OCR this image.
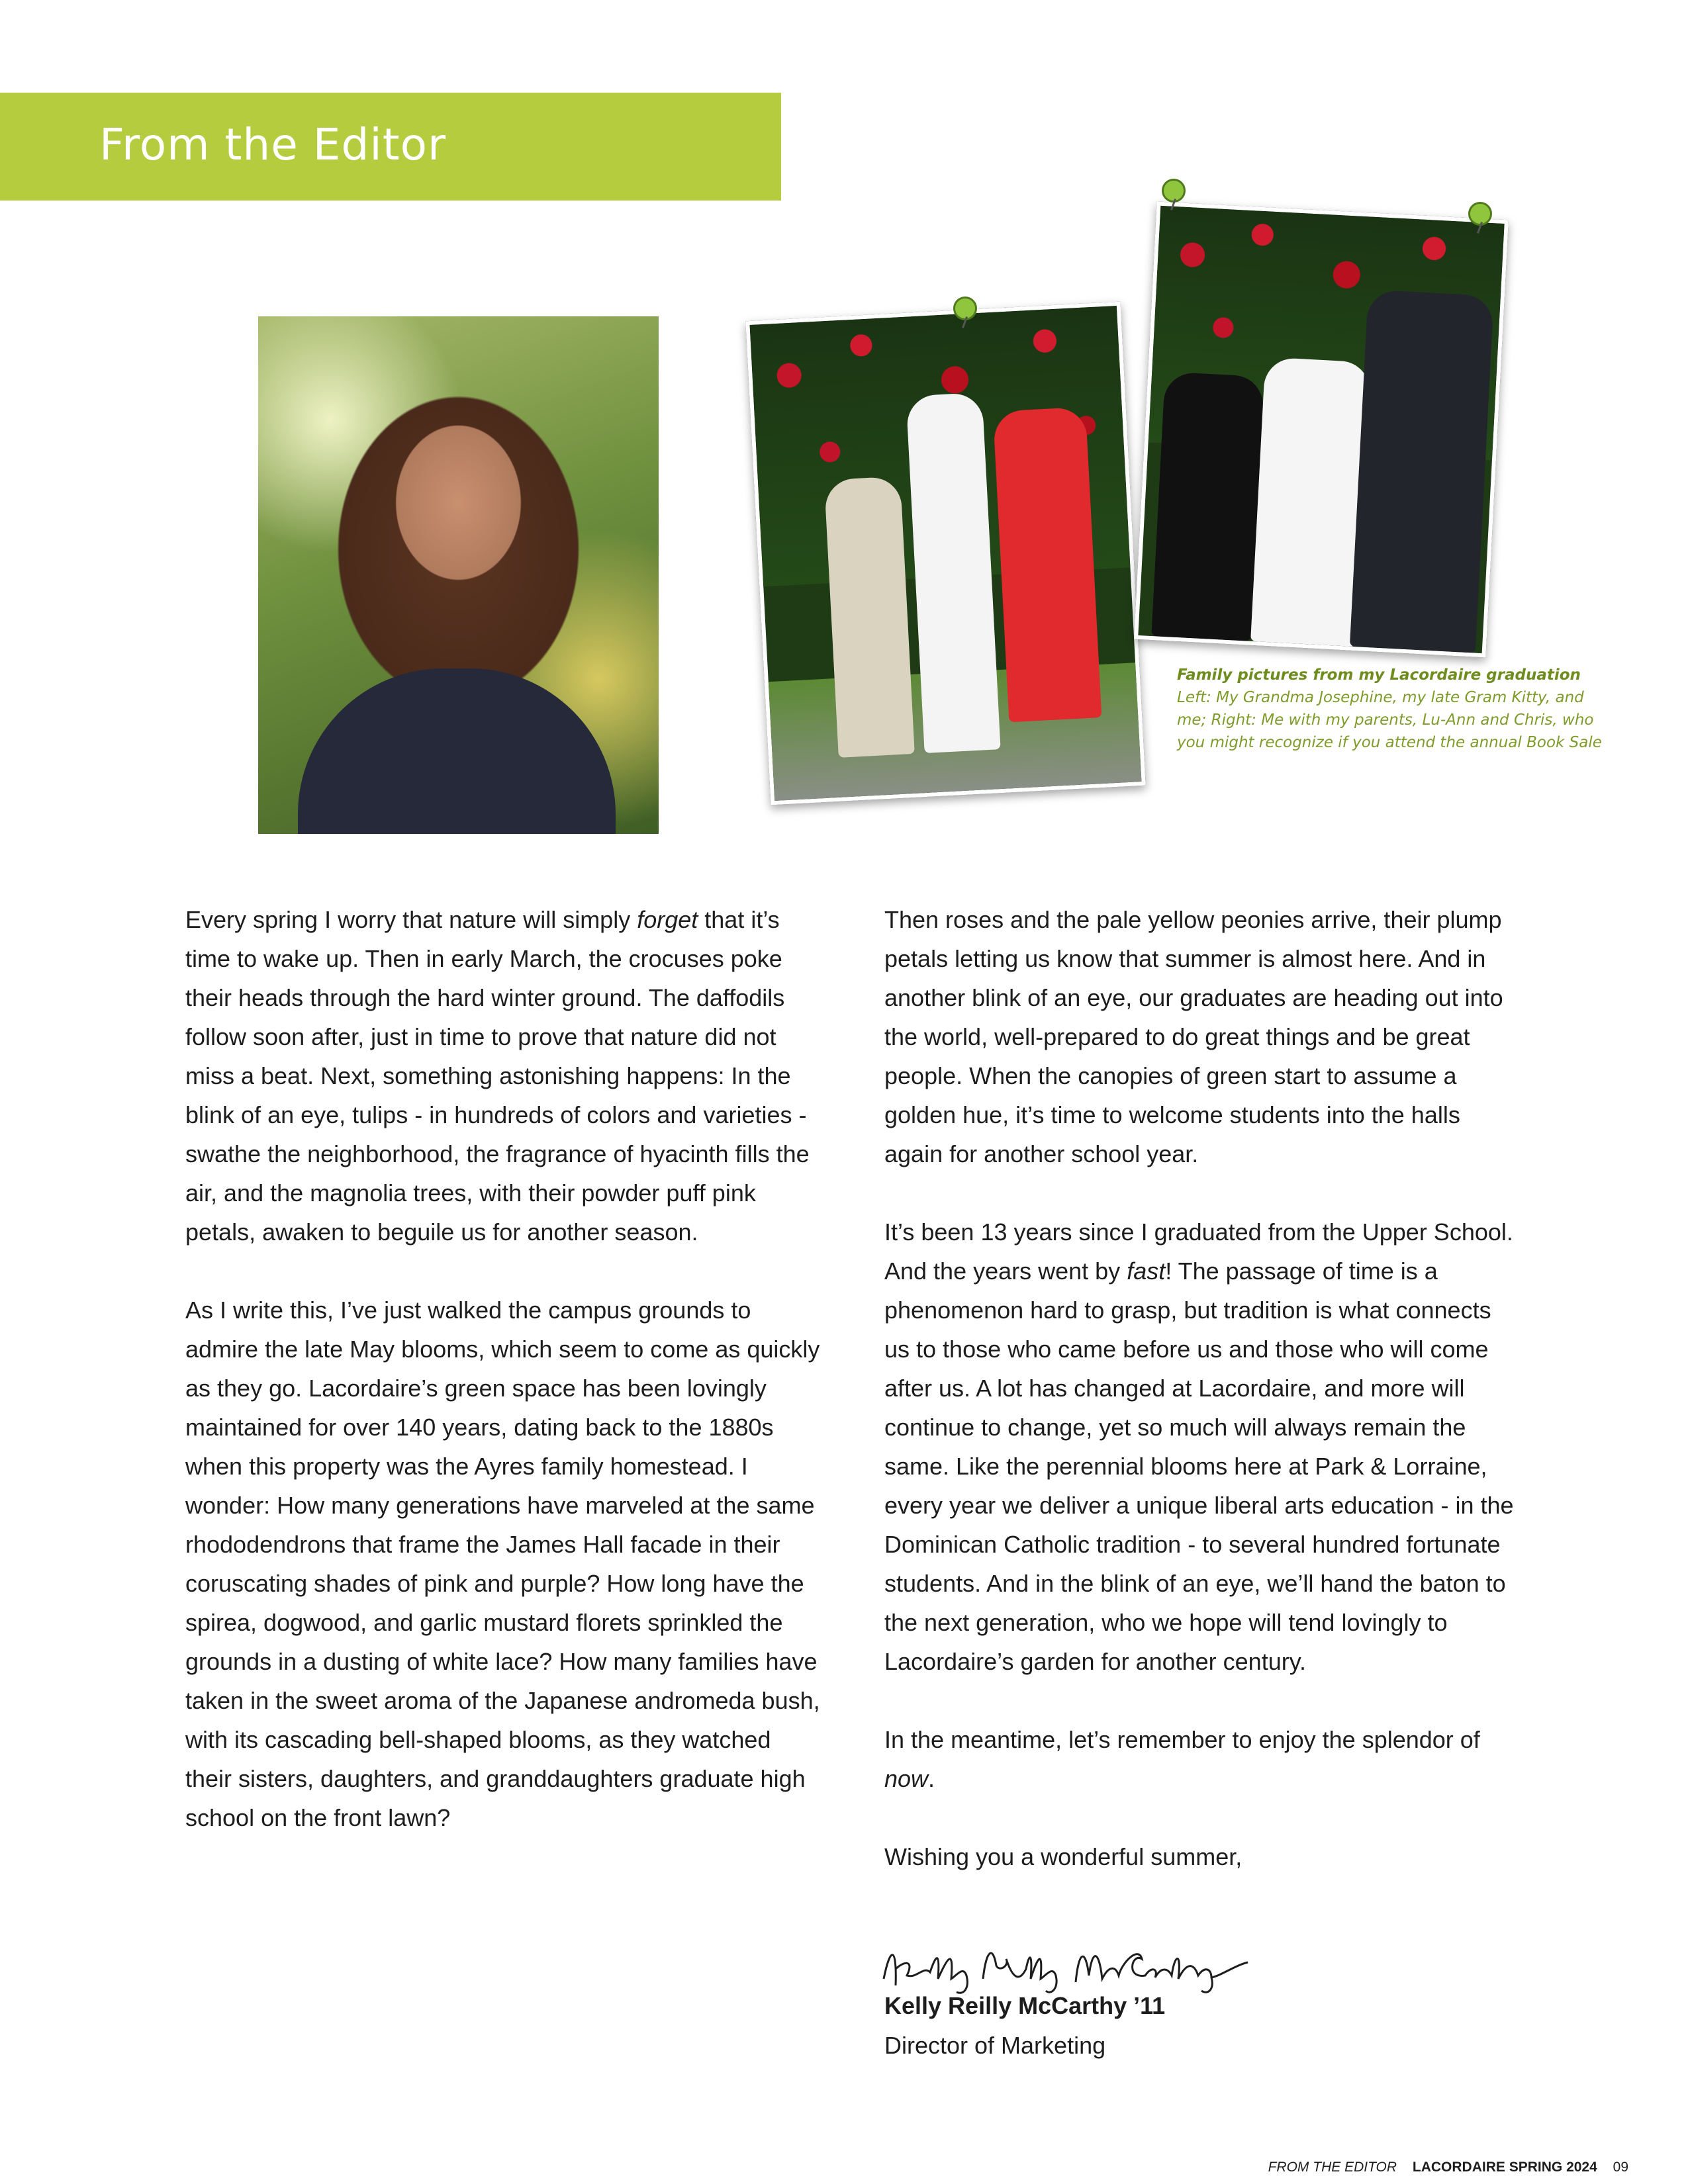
From the Editor
Family pictures from my Lacordaire graduation
Left: My Grandma Josephine, my late Gram Kitty, and me; Right: Me with my parents, Lu-Ann and Chris, who you might recognize if you attend the annual Book Sale

Every spring I worry that nature will simply forget that it’s time to wake up. Then in early March, the crocuses poke their heads through the hard winter ground. The daffodils follow soon after, just in time to prove that nature did not miss a beat. Next, something astonishing happens: In the blink of an eye, tulips - in hundreds of colors and varieties - swathe the neighborhood, the fragrance of hyacinth fills the air, and the magnolia trees, with their powder puff pink petals, awaken to beguile us for another season.

As I write this, I’ve just walked the campus grounds to admire the late May blooms, which seem to come as quickly as they go. Lacordaire’s green space has been lovingly maintained for over 140 years, dating back to the 1880s when this property was the Ayres family homestead. I wonder: How many generations have marveled at the same rhododendrons that frame the James Hall facade in their coruscating shades of pink and purple? How long have the spirea, dogwood, and garlic mustard florets sprinkled the grounds in a dusting of white lace? How many families have taken in the sweet aroma of the Japanese andromeda bush, with its cascading bell-shaped blooms, as they watched their sisters, daughters, and granddaughters graduate high school on the front lawn?

Then roses and the pale yellow peonies arrive, their plump petals letting us know that summer is almost here. And in another blink of an eye, our graduates are heading out into the world, well-prepared to do great things and be great people. When the canopies of green start to assume a golden hue, it’s time to welcome students into the halls again for another school year.

It’s been 13 years since I graduated from the Upper School. And the years went by fast! The passage of time is a phenomenon hard to grasp, but tradition is what connects us to those who came before us and those who will come after us. A lot has changed at Lacordaire, and more will continue to change, yet so much will always remain the same. Like the perennial blooms here at Park & Lorraine, every year we deliver a unique liberal arts education - in the Dominican Catholic tradition - to several hundred fortunate students. And in the blink of an eye, we’ll hand the baton to the next generation, who we hope will tend lovingly to Lacordaire’s garden for another century.

In the meantime, let’s remember to enjoy the splendor of now.

Wishing you a wonderful summer,

Kelly Reilly McCarthy ’11

Director of Marketing

FROM THE EDITOR LACORDAIRE SPRING 2024 09
